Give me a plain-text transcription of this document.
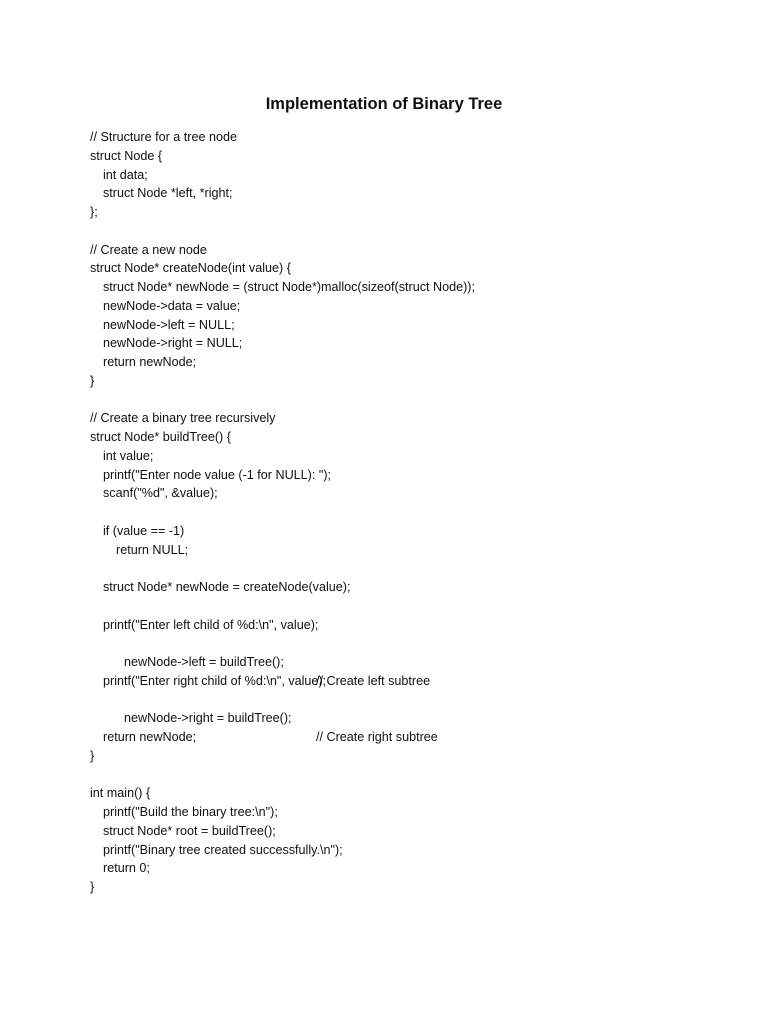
Implementation of Binary Tree
// Structure for a tree node
struct Node {
int data;
struct Node *left, *right;
};
// Create a new node
struct Node* createNode(int value) {
struct Node* newNode = (struct Node*)malloc(sizeof(struct Node));
newNode->data = value;
newNode->left = NULL;
newNode->right = NULL;
return newNode;
}
// Create a binary tree recursively
struct Node* buildTree() {
int value;
printf("Enter node value (-1 for NULL): ");
scanf("%d", &value);
if (value == -1)
return NULL;
struct Node* newNode = createNode(value);
printf("Enter left child of %d:\n", value);

newNode->left = buildTree();

// Create left subtree

printf("Enter right child of %d:\n", value);

newNode->right = buildTree();

// Create right subtree

return newNode;
}
int main() {
printf("Build the binary tree:\n");
struct Node* root = buildTree();
printf("Binary tree created successfully.\n");
return 0;
}
